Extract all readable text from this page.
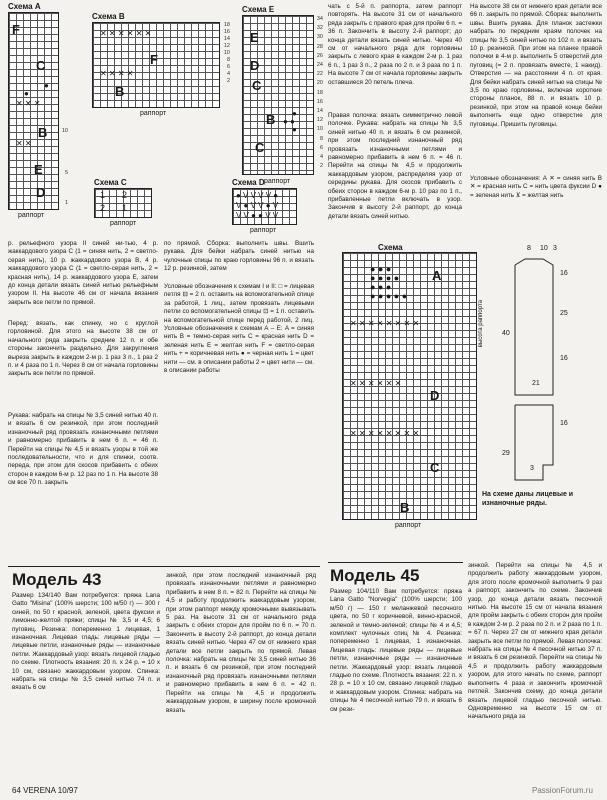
Схема А
F
C
B
E
D
●
●
✕ ✕ ✕
✕ ✕
10
5
1
раппорт
Схема В
F
B
✕ ✕ ✕ ✕ ✕ ✕
✕ ✕ ✕ ✕
18
16
14
12
10
8
6
4
2
раппорт
Схема Е
E
D
C
B
C
● ●
●
●
34
32
30
28
26
24
22
20
18
16
14
12
10
8
6
4
2
раппорт
Схема С
1 2
2 1
раппорт
Схема D
● V V V V ●
V ● V V ● V
V V ● ● V V
раппорт
р. рельефного узора II синей ни-тью, 4 р. жаккардового узора С (1 = синяя нить, 2 = светло-серая нить), 10 р. жаккардового узора В, 4 р. жаккардового узора С (1 = светло-серая нить, 2 = красная нить), 14 р. жаккардового узора Е, затем до конца детали вязать синей нитью рельефным узором II. На высоте 46 см от начала вязания закрыть все петли по прямой.
Перед: вязать, как спинку, но с круглой горловиной. Для этого на высоте 38 см от начального ряда закрыть средние 12 п. и обе стороны закончить раздельно. Для закругления выреза закрыть в каждом 2-м р. 1 раз 3 п., 1 раз 2 п. и 4 раза по 1 п. Через 8 см от начала горловины закрыть все петли по прямой.
Рукава: набрать на спицы № 3,5 синей нитью 40 п. и вязать 6 см резинкой, при этом последний изнаночный ряд провязать изнаночными петлями и равномерно прибавить в нем 6 п. = 46 п. Перейти на спицы № 4,5 и вязать узоры в той же последовательности, что и для спинки, соотв. переда, при этом для скосов прибавить с обеих сторон в каждом 6-м р. 12 раз по 1 п. На высоте 38 см все 70 п. закрыть
по прямой. Сборка: выполнить швы. Вшить рукава. Для бейки набрать синей нитью на чулочные спицы по краю горловины 96 п. и вязать 12 р. резинкой, затем
Условные обозначения к схемам I и II: □ = лицевая петля ⊟ = 2 п. оставить на вспомогательной спице за работой, 1 лиц., затем провязать лицевыми петли со вспомогательной спицы ⊡ = 1 п. оставить на вспомогательной спице перед работой, 2 лиц. Условные обозначения к схемам А – Е: A = синяя нить B = темно-серая нить C = красная нить D = зеленая нить E = желтая нить F = светло-серая нить + = коричневая нить ● = черная нить 1 = цвет нити — см. в описании работы 2 = цвет нити — см. в описании работы
чать с 5-й п. раппорта, затем раппорт повторять. На высоте 31 см от начального ряда закрыть с правого края для пройм 6 п. = 36 п. Закончить в высоту 2-й раппорт; до конца детали вязать синей нитью. Через 40 см от начального ряда для горловины закрыть с левого края в каждом 2-м р. 1 раз 6 п., 1 раз 3 п., 2 раза по 2 п. и 3 раза по 1 п. На высоте 7 см от начала горловины закрыть оставшиеся 20 петель плеча.
Правая полочка: вязать симметрично левой полочке. Рукава: набрать на спицы № 3,5 синей нитью 40 п. и вязать 6 см резинкой, при этом последний изнаночный ряд провязать изнаночными петлями и равномерно прибавить в нем 6 п. = 46 п. Перейти на спицы № 4,5 и продолжить жаккардовым узором, распределяя узор от середины рукава. Для скосов прибавить с обеих сторон в каждом 6-м р. 10 раз по 1 п., прибавленные петли включать в узор. Закончив в высоту 2-й раппорт, до конца детали вязать синей нитью.
На высоте 38 см от нижнего края детали все 66 п. закрыть по прямой. Сборка: выполнить швы. Вшить рукава. Для планок застежки набрать по передним краям полочек на спицы № 3,5 синей нитью по 102 п. и вязать 10 р. резинкой. При этом на планке правой полочки в 4-м р. выполнить 5 отверстий для пуговиц (= 2 п. провязать вместе, 1 накид). Отверстия — на расстоянии 4 п. от края. Для бейки набрать синей нитью на спицы № 3,5 по краю горловины, включая короткие стороны планок, 88 п. и вязать 10 р. резинкой, при этом на правой конце бейки выполнить еще одно отверстие для пуговицы. Пришить пуговицы.
Условные обозначения: А ✕ = синяя нить В ✕ = красная нить С = нить цвета фуксии D ● = зеленая нить ⊻ = желтая нить
Схема
● ● ●
● ● ● ●
● ● ●
● ● ● ● ●
A
D
C
B
✕ ✕ ✕ ✕ ✕ ✕ ✕ ✕
✕ ✕ ✕ ✕ ✕ ✕
✕ ✕ ✕ ✕ ✕ ✕ ✕ ✕
высота раппорта
раппорт
8 10 3
16
25
16
40
21
3
16
29
На схеме даны лицевые и изнаночные ряды.
Модель 43
Размер 134/140 Вам потребуется: пряжа Lana Gatto "Misina" (100% шерсти; 100 м/50 г) — 300 г синей, по 50 г красной, зеленой, цвета фуксии и лимонно-желтой пряжи; спицы № 3,5 и 4,5; 6 пуговиц. Резинка: попеременно 1 лицевая, 1 изнаночная. Лицевая гладь: лицевые ряды — лицевые петли, изнаночные ряды — изнаночные петли. Жаккардовый узор: вязать лицевой гладью по схеме. Плотность вязания: 20 п. х 24 р. = 10 х 10 см, связано жаккардовым узором. Спинка: набрать на спицы № 3,5 синей нитью 74 п. и вязать 6 см
зинкой, при этом последний изнаночный ряд провязать изнаночными петлями и равномерно прибавить в нем 8 п. = 82 п. Перейти на спицы № 4,5 и работу продолжить жаккардовым узором, при этом раппорт между кромочными вывязывать 5 раз. На высоте 31 см от начального ряда закрыть с обеих сторон для пройм по 6 п. = 70 п. Закончить в высоту 2-й раппорт, до конца детали вязать синей нитью. Через 47 см от нижнего края детали все петли закрыть по прямой. Левая полочка: набрать на спицы № 3,5 синей нитью 36 п. и вязать 6 см резинкой, при этом последний изнаночный ряд провязать изнаночными петлями и равномерно прибавить в нем 6 п. = 42 п. Перейти на спицы № 4,5 и продолжить жаккардовым узором, в ширину после кромочной вязать
Модель 45
Размер 104/110 Вам потребуется: пряжа Lana Gatto "Norvegia" (100% шерсти; 100 м/50 г) — 150 г меланжевой песочного цвета, по 50 г коричневой, винно-красной, зеленой и темно-зеленой; спицы № 4 и 4,5; комплект чулочных спиц № 4. Резинка: попеременно 1 лицевая, 1 изнаночная. Лицевая гладь: лицевые ряды — лицевые петли, изнаночные ряды — изнаночные петли. Жаккардовый узор: вязать лицевой гладью по схеме. Плотность вязания: 22 п. х 28 р. = 10 х 10 см, связано лицевой гладью и жаккардовым узором. Спинка: набрать на спицы № 4 песочной нитью 79 п. и вязать 6 см рези-
зинкой. Перейти на спицы № 4,5 и продолжить работу жаккардовым узором, для этого после кромочной выполнить 9 раз a раппорт, закончить по схеме. Закончив узор, до конца детали вязать песочной нитью. На высоте 15 см от начала вязания для пройм закрыть с обеих сторон для пройм в каждом 2-м р. 2 раза по 2 п. и 2 раза по 1 п. = 67 п. Через 27 см от нижнего края детали закрыть все петли по прямой. Левая полочка: набрать на спицы № 4 песочной нитью 37 п. и вязать 6 см резинкой. Перейти на спицы № 4,5 и продолжить работу жаккардовым узором, для этого начать по схеме, раппорт выполнить 4 раза и закончить кромочной петлей. Закончив схему, до конца детали вязать лицевой гладью песочной нитью. Одновременно на высоте 15 см от начального ряда за
64 VERENA 10/97	PassionForum.ru
